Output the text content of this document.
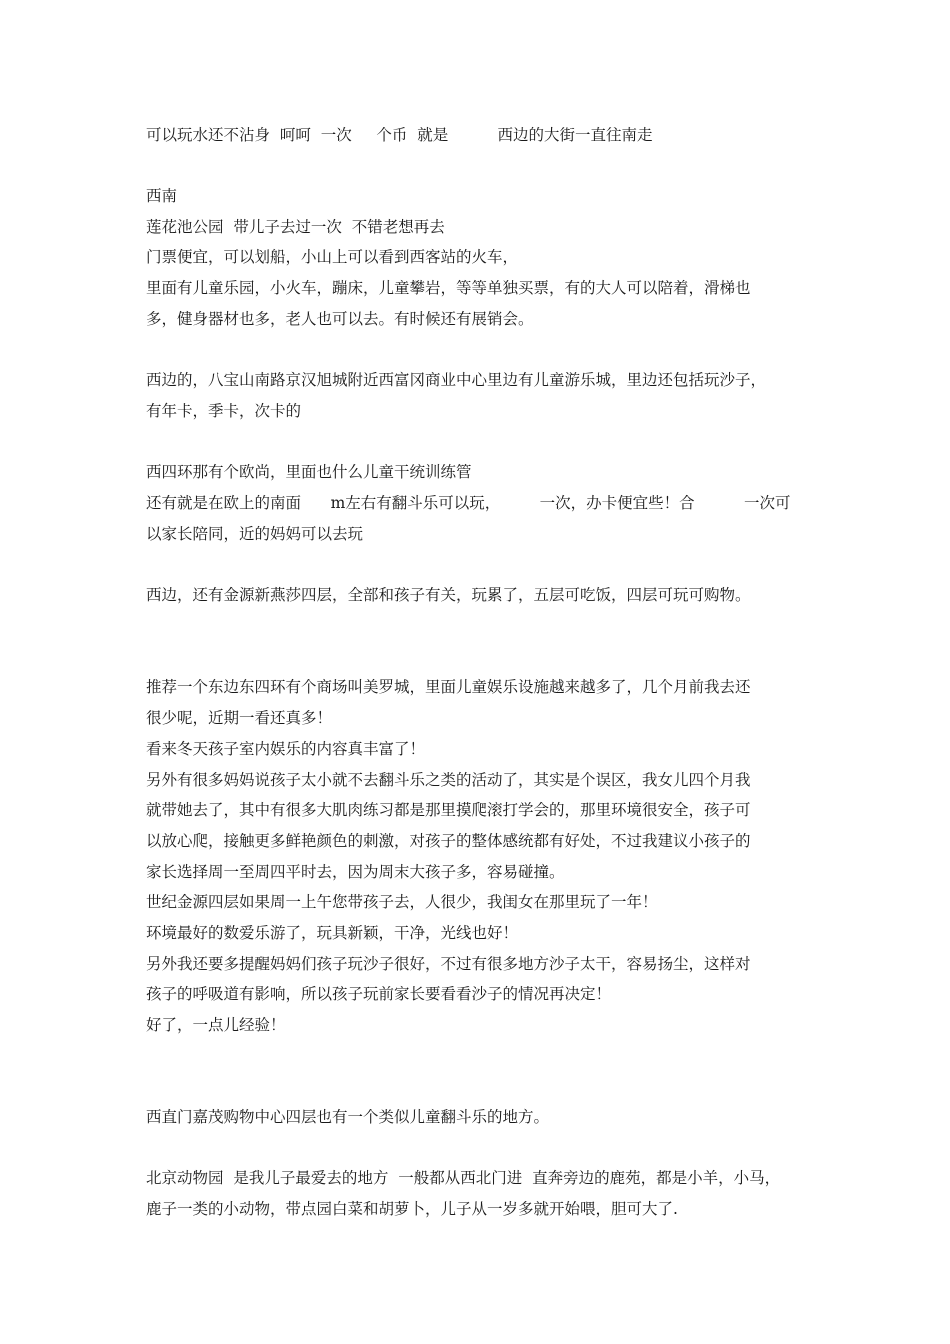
可以玩水还不沾身  呵呵  一次     个币  就是          西边的大街一直往南走
西南
莲花池公园  带儿子去过一次  不错老想再去
门票便宜，可以划船，小山上可以看到西客站的火车，
里面有儿童乐园，小火车，蹦床，儿童攀岩，等等单独买票，有的大人可以陪着，滑梯也
多，健身器材也多，老人也可以去。有时候还有展销会。
西边的，八宝山南路京汉旭城附近西富冈商业中心里边有儿童游乐城，里边还包括玩沙子，
有年卡，季卡，次卡的
西四环那有个欧尚，里面也什么儿童干统训练管
还有就是在欧上的南面      m左右有翻斗乐可以玩，        一次，办卡便宜些！合          一次可
以家长陪同，近的妈妈可以去玩
西边，还有金源新燕莎四层，全部和孩子有关，玩累了，五层可吃饭，四层可玩可购物。
推荐一个东边东四环有个商场叫美罗城，里面儿童娱乐设施越来越多了，几个月前我去还
很少呢，近期一看还真多！
看来冬天孩子室内娱乐的内容真丰富了！
另外有很多妈妈说孩子太小就不去翻斗乐之类的活动了，其实是个误区，我女儿四个月我
就带她去了，其中有很多大肌肉练习都是那里摸爬滚打学会的，那里环境很安全，孩子可
以放心爬，接触更多鲜艳颜色的刺激，对孩子的整体感统都有好处，不过我建议小孩子的
家长选择周一至周四平时去，因为周末大孩子多，容易碰撞。
世纪金源四层如果周一上午您带孩子去，人很少，我闺女在那里玩了一年！
环境最好的数爱乐游了，玩具新颖，干净，光线也好！
另外我还要多提醒妈妈们孩子玩沙子很好，不过有很多地方沙子太干，容易扬尘，这样对
孩子的呼吸道有影响，所以孩子玩前家长要看看沙子的情况再决定！
好了，一点儿经验！
西直门嘉茂购物中心四层也有一个类似儿童翻斗乐的地方。
北京动物园  是我儿子最爱去的地方  一般都从西北门进  直奔旁边的鹿苑，都是小羊，小马，
鹿子一类的小动物，带点园白菜和胡萝卜，儿子从一岁多就开始喂，胆可大了.
